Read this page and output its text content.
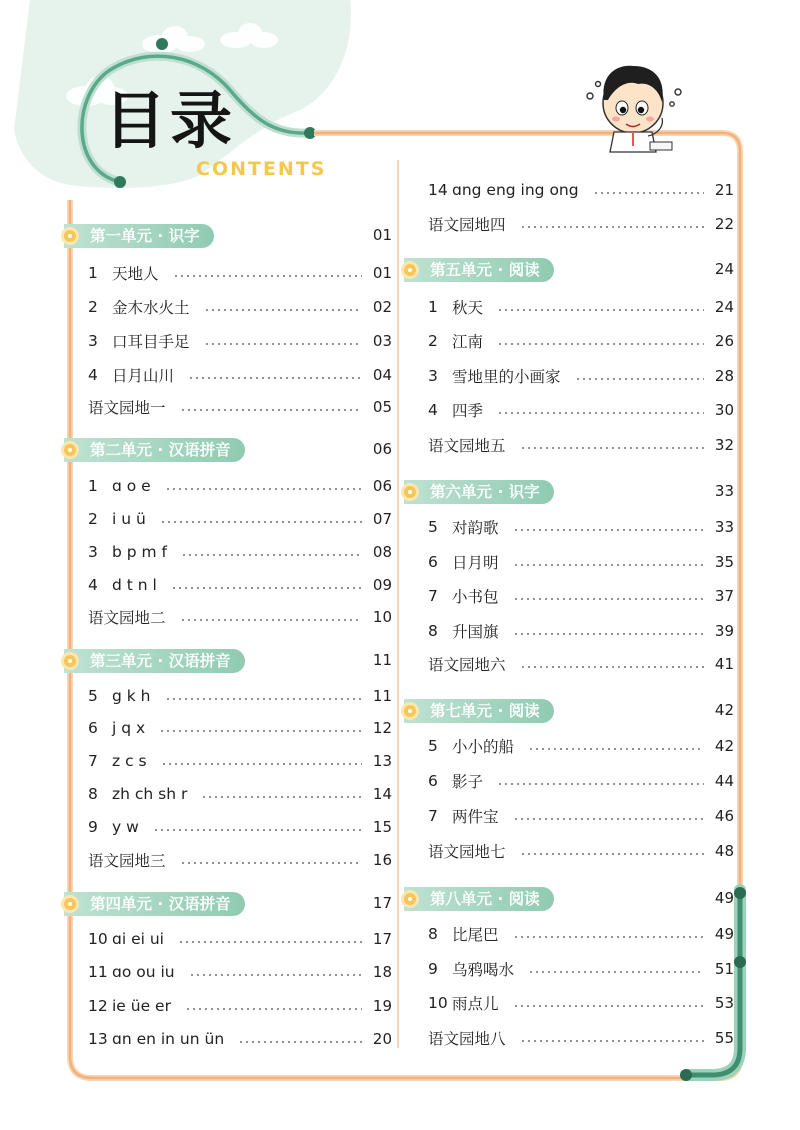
目录
CONTENTS
第一单元 · 识字	01
1 天地人	01
2 金木水火土	02
3 口耳目手足	03
4 日月山川	04
语文园地一	05
第二单元 · 汉语拼音	06
1 ɑ o e	06
2 i u ü	07
3 b p m f	08
4 d t n l	09
语文园地二	10
第三单元 · 汉语拼音	11
5 g k h	11
6 j q x	12
7 z c s	13
8 zh ch sh r	14
9 y w	15
语文园地三	16
第四单元 · 汉语拼音	17
10 ɑi ei ui	17
11 ɑo ou iu	18
12 ie üe er	19
13 ɑn en in un ün	20
14 ɑng eng ing ong	21
语文园地四	22
第五单元 · 阅读	24
1 秋天	24
2 江南	26
3 雪地里的小画家	28
4 四季	30
语文园地五	32
第六单元 · 识字	33
5 对韵歌	33
6 日月明	35
7 小书包	37
8 升国旗	39
语文园地六	41
第七单元 · 阅读	42
5 小小的船	42
6 影子	44
7 两件宝	46
语文园地七	48
第八单元 · 阅读	49
8 比尾巴	49
9 乌鸦喝水	51
10 雨点儿	53
语文园地八	55
